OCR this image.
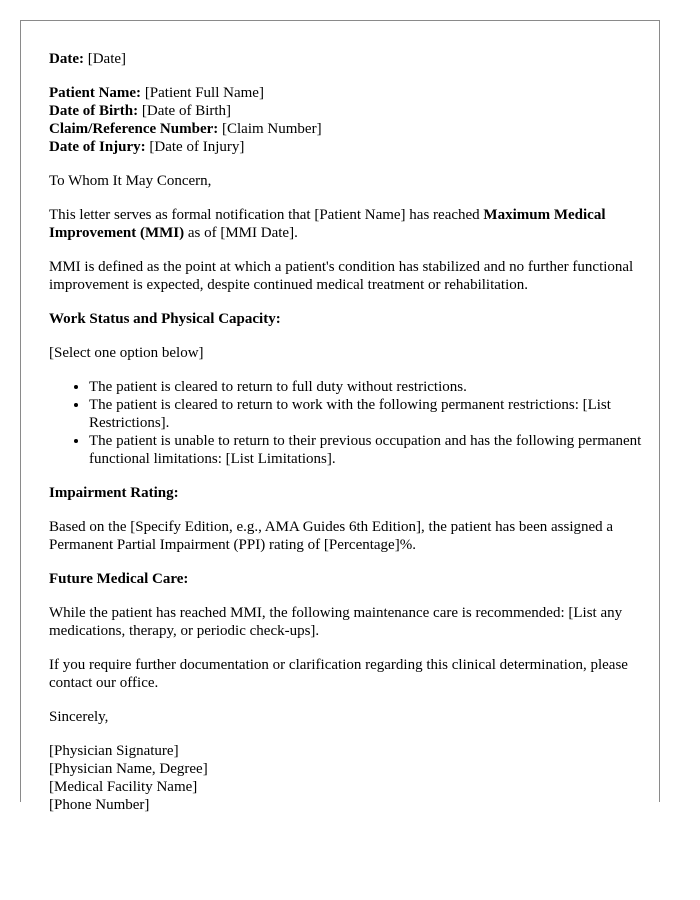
Date: [Date]
Patient Name: [Patient Full Name]
Date of Birth: [Date of Birth]
Claim/Reference Number: [Claim Number]
Date of Injury: [Date of Injury]

To Whom It May Concern,

This letter serves as formal notification that [Patient Name] has reached Maximum Medical Improvement (MMI) as of [MMI Date].

MMI is defined as the point at which a patient's condition has stabilized and no further functional improvement is expected, despite continued medical treatment or rehabilitation.

Work Status and Physical Capacity:

[Select one option below]

• The patient is cleared to return to full duty without restrictions.
• The patient is cleared to return to work with the following permanent restrictions: [List Restrictions].
• The patient is unable to return to their previous occupation and has the following permanent functional limitations: [List Limitations].
Impairment Rating:

Based on the [Specify Edition, e.g., AMA Guides 6th Edition], the patient has been assigned a Permanent Partial Impairment (PPI) rating of [Percentage]%.

Future Medical Care:

While the patient has reached MMI, the following maintenance care is recommended: [List any medications, therapy, or periodic check-ups].

If you require further documentation or clarification regarding this clinical determination, please contact our office.

Sincerely,

[Physician Signature]
[Physician Name, Degree]
[Medical Facility Name]
[Phone Number]
